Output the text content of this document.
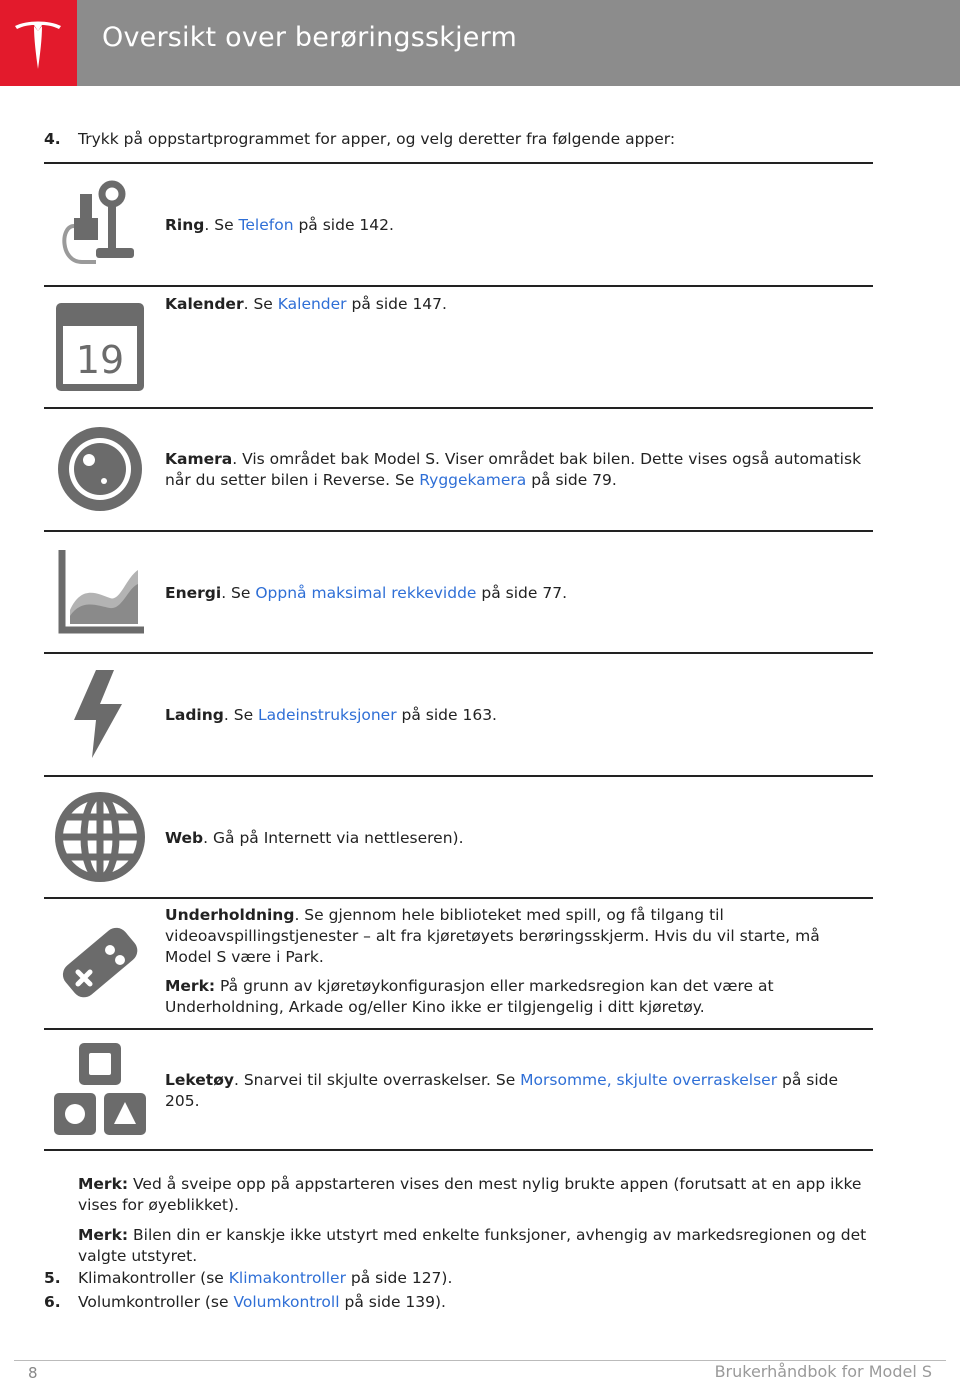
Oversikt over berøringsskjerm
4. Trykk på oppstartprogrammet for apper, og velg deretter fra følgende apper:
Ring. Se Telefon på side 142.
19
Kalender. Se Kalender på side 147.
Kamera. Vis området bak Model S. Viser området bak bilen. Dette vises også automatisk når du setter bilen i Reverse. Se Ryggekamera på side 79.
Energi. Se Oppnå maksimal rekkevidde på side 77.
Lading. Se Ladeinstruksjoner på side 163.
Web. Gå på Internett via nettleseren).

Underholdning. Se gjennom hele biblioteket med spill, og få tilgang til videoavspillingstjenester – alt fra kjøretøyets berøringsskjerm. Hvis du vil starte, må Model S være i Park.

Merk: På grunn av kjøretøykonfigurasjon eller markedsregion kan det være at Underholdning, Arkade og/eller Kino ikke er tilgjengelig i ditt kjøretøy.

Leketøy. Snarvei til skjulte overraskelser. Se Morsomme, skjulte overraskelser på side 205.
Merk: Ved å sveipe opp på appstarteren vises den mest nylig brukte appen (forutsatt at en app ikke vises for øyeblikket).
Merk: Bilen din er kanskje ikke utstyrt med enkelte funksjoner, avhengig av markedsregionen og det valgte utstyret.
5. Klimakontroller (se Klimakontroller på side 127).
6. Volumkontroller (se Volumkontroll på side 139).
8	Brukerhåndbok for Model S
